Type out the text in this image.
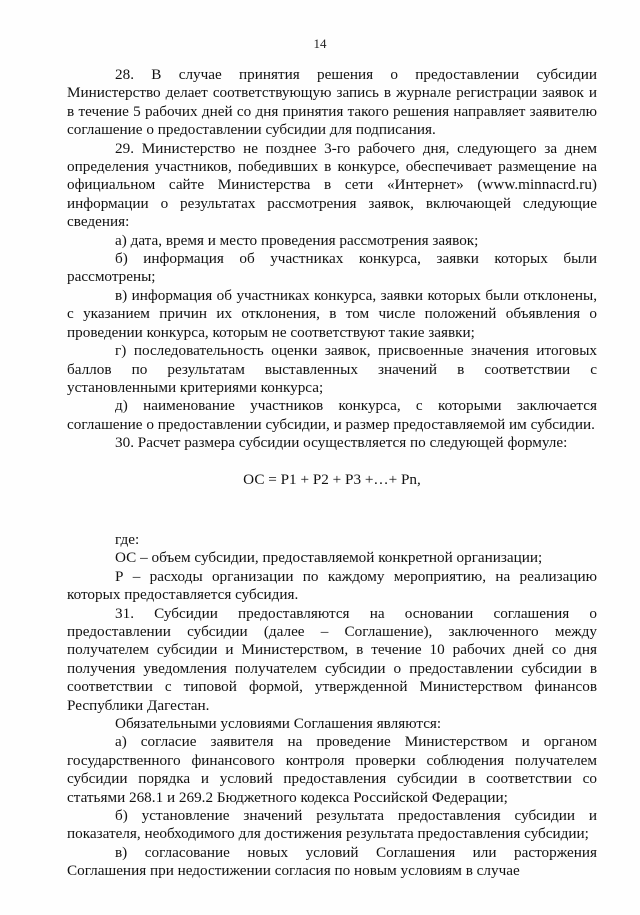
14
28. В случае принятия решения о предоставлении субсидии
Министерство делает соответствующую запись в журнале регистрации заявок и
в течение 5 рабочих дней со дня принятия такого решения направляет заявителю
соглашение о предоставлении субсидии для подписания.
29. Министерство не позднее 3-го рабочего дня, следующего за днем
определения участников, победивших в конкурсе, обеспечивает размещение на
официальном сайте Министерства в сети «Интернет» (www.minnacrd.ru)
информации о результатах рассмотрения заявок, включающей следующие
сведения:
а) дата, время и место проведения рассмотрения заявок;
б) информация об участниках конкурса, заявки которых были
рассмотрены;
в) информация об участниках конкурса, заявки которых были отклонены,
с указанием причин их отклонения, в том числе положений объявления о
проведении конкурса, которым не соответствуют такие заявки;
г) последовательность оценки заявок, присвоенные значения итоговых
баллов по результатам выставленных значений в соответствии с
установленными критериями конкурса;
д) наименование участников конкурса, с которыми заключается
соглашение о предоставлении субсидии, и размер предоставляемой им субсидии.
30. Расчет размера субсидии осуществляется по следующей формуле:
ОС = Р1 + Р2 + Р3 +…+ Рn,
где:
ОС – объем субсидии, предоставляемой конкретной организации;
Р – расходы организации по каждому мероприятию, на реализацию
которых предоставляется субсидия.
31. Субсидии предоставляются на основании соглашения о
предоставлении субсидии (далее – Соглашение), заключенного между
получателем субсидии и Министерством, в течение 10 рабочих дней со дня
получения уведомления получателем субсидии о предоставлении субсидии в
соответствии с типовой формой, утвержденной Министерством финансов
Республики Дагестан.
Обязательными условиями Соглашения являются:
а) согласие заявителя на проведение Министерством и органом
государственного финансового контроля проверки соблюдения получателем
субсидии порядка и условий предоставления субсидии в соответствии со
статьями 268.1 и 269.2 Бюджетного кодекса Российской Федерации;
б) установление значений результата предоставления субсидии и
показателя, необходимого для достижения результата предоставления субсидии;
в) согласование новых условий Соглашения или расторжения
Соглашения при недостижении согласия по новым условиям в случае
